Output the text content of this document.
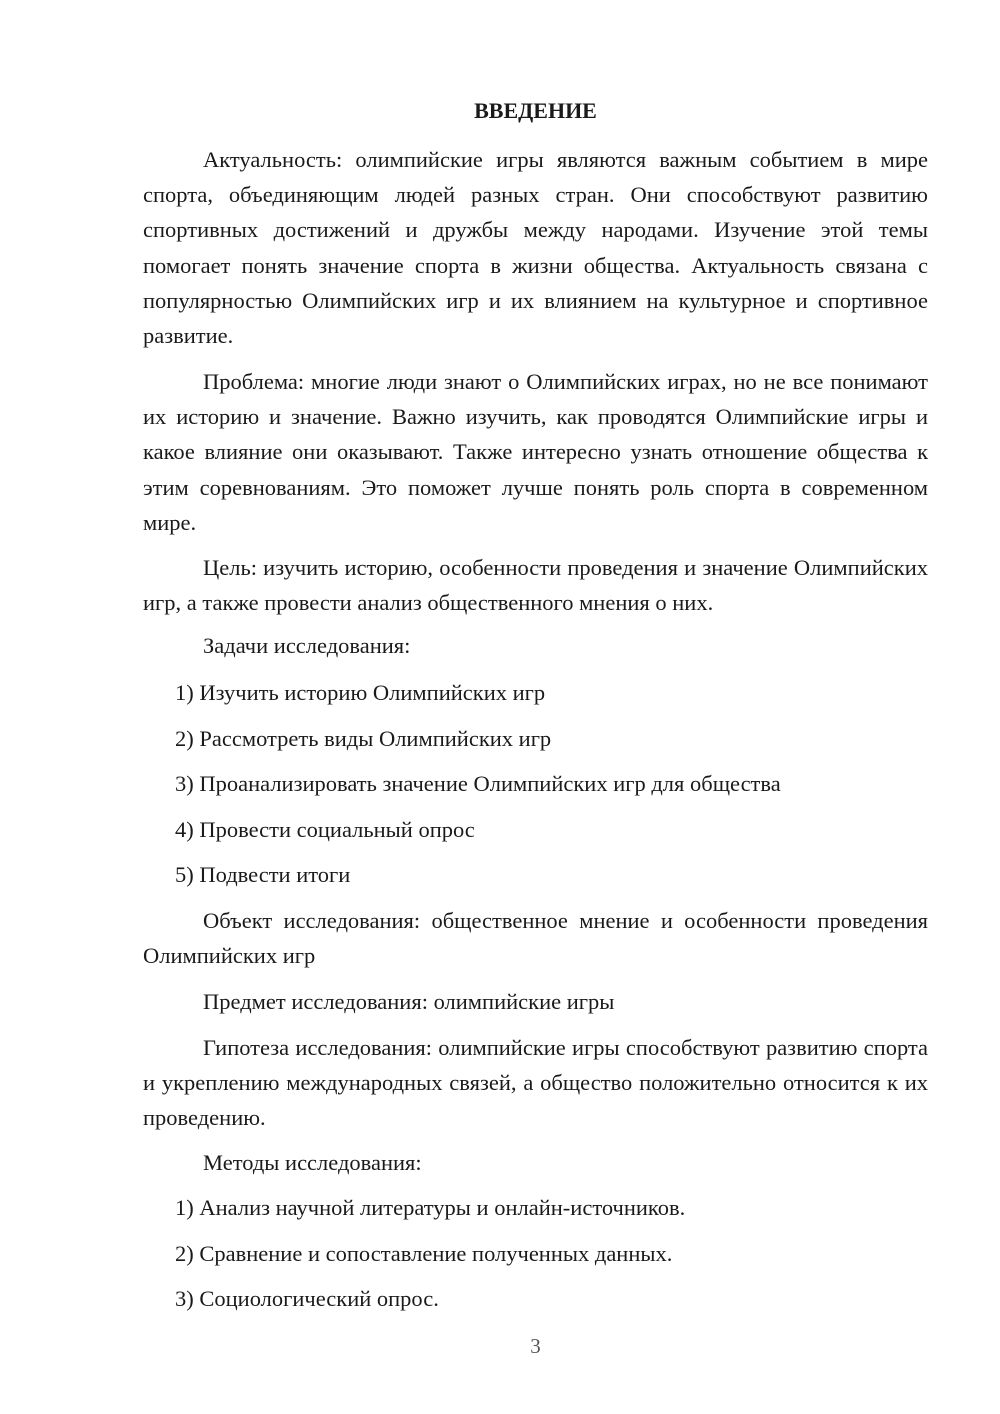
ВВЕДЕНИЕ

Актуальность: олимпийские игры являются важным событием в мире спорта, объединяющим людей разных стран. Они способствуют развитию спортивных достижений и дружбы между народами. Изучение этой темы помогает понять значение спорта в жизни общества. Актуальность связана с популярностью Олимпийских игр и их влиянием на культурное и спортивное развитие.

Проблема: многие люди знают о Олимпийских играх, но не все понимают их историю и значение. Важно изучить, как проводятся Олимпийские игры и какое влияние они оказывают. Также интересно узнать отношение общества к этим соревнованиям. Это поможет лучше понять роль спорта в современном мире.

Цель: изучить историю, особенности проведения и значение Олимпийских игр, а также провести анализ общественного мнения о них.

Задачи исследования:

1) Изучить историю Олимпийских игр

2) Рассмотреть виды Олимпийских игр

3) Проанализировать значение Олимпийских игр для общества

4) Провести социальный опрос

5) Подвести итоги

Объект исследования: общественное мнение и особенности проведения Олимпийских игр

Предмет исследования: олимпийские игры

Гипотеза исследования: олимпийские игры способствуют развитию спорта и укреплению международных связей, а общество положительно относится к их проведению.

Методы исследования:

1) Анализ научной литературы и онлайн-источников.

2) Сравнение и сопоставление полученных данных.

3) Социологический опрос.

3
